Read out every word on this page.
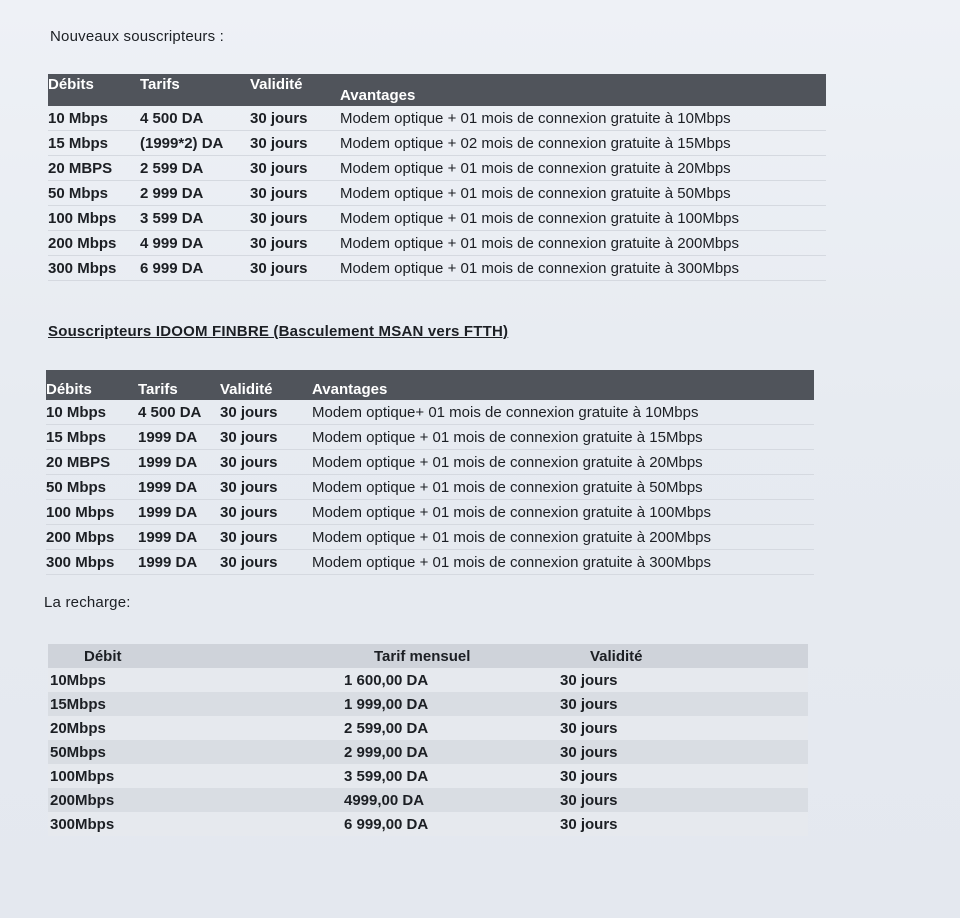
Nouveaux souscripteurs :
Débits	Tarifs	Validité	Avantages
10 Mbps	4 500 DA	30 jours	Modem optique + 01 mois de connexion gratuite à 10Mbps
15 Mbps	(1999*2) DA	30 jours	Modem optique + 02 mois de connexion gratuite à 15Mbps
20 MBPS	2 599 DA	30 jours	Modem optique + 01 mois de connexion gratuite à 20Mbps
50 Mbps	2 999 DA	30 jours	Modem optique + 01 mois de connexion gratuite à 50Mbps
100 Mbps	3 599 DA	30 jours	Modem optique + 01 mois de connexion gratuite à 100Mbps
200 Mbps	4 999 DA	30 jours	Modem optique + 01 mois de connexion gratuite à 200Mbps
300 Mbps	6 999 DA	30 jours	Modem optique + 01 mois de connexion gratuite à 300Mbps
Souscripteurs IDOOM FINBRE (Basculement MSAN vers FTTH)
Débits	Tarifs	Validité	Avantages
10 Mbps	4 500 DA	30 jours	Modem optique+ 01 mois de connexion gratuite à 10Mbps
15 Mbps	1999 DA	30 jours	Modem optique + 01 mois de connexion gratuite à 15Mbps
20 MBPS	1999 DA	30 jours	Modem optique + 01 mois de connexion gratuite à 20Mbps
50 Mbps	1999 DA	30 jours	Modem optique + 01 mois de connexion gratuite à 50Mbps
100 Mbps	1999 DA	30 jours	Modem optique + 01 mois de connexion gratuite à 100Mbps
200 Mbps	1999 DA	30 jours	Modem optique + 01 mois de connexion gratuite à 200Mbps
300 Mbps	1999 DA	30 jours	Modem optique + 01 mois de connexion gratuite à 300Mbps
La recharge:
Débit	Tarif mensuel	Validité
10Mbps	1 600,00 DA	30 jours
15Mbps	1 999,00 DA	30 jours
20Mbps	2 599,00 DA	30 jours
50Mbps	2 999,00 DA	30 jours
100Mbps	3 599,00 DA	30 jours
200Mbps	4999,00 DA	30 jours
300Mbps	6 999,00 DA	30 jours
